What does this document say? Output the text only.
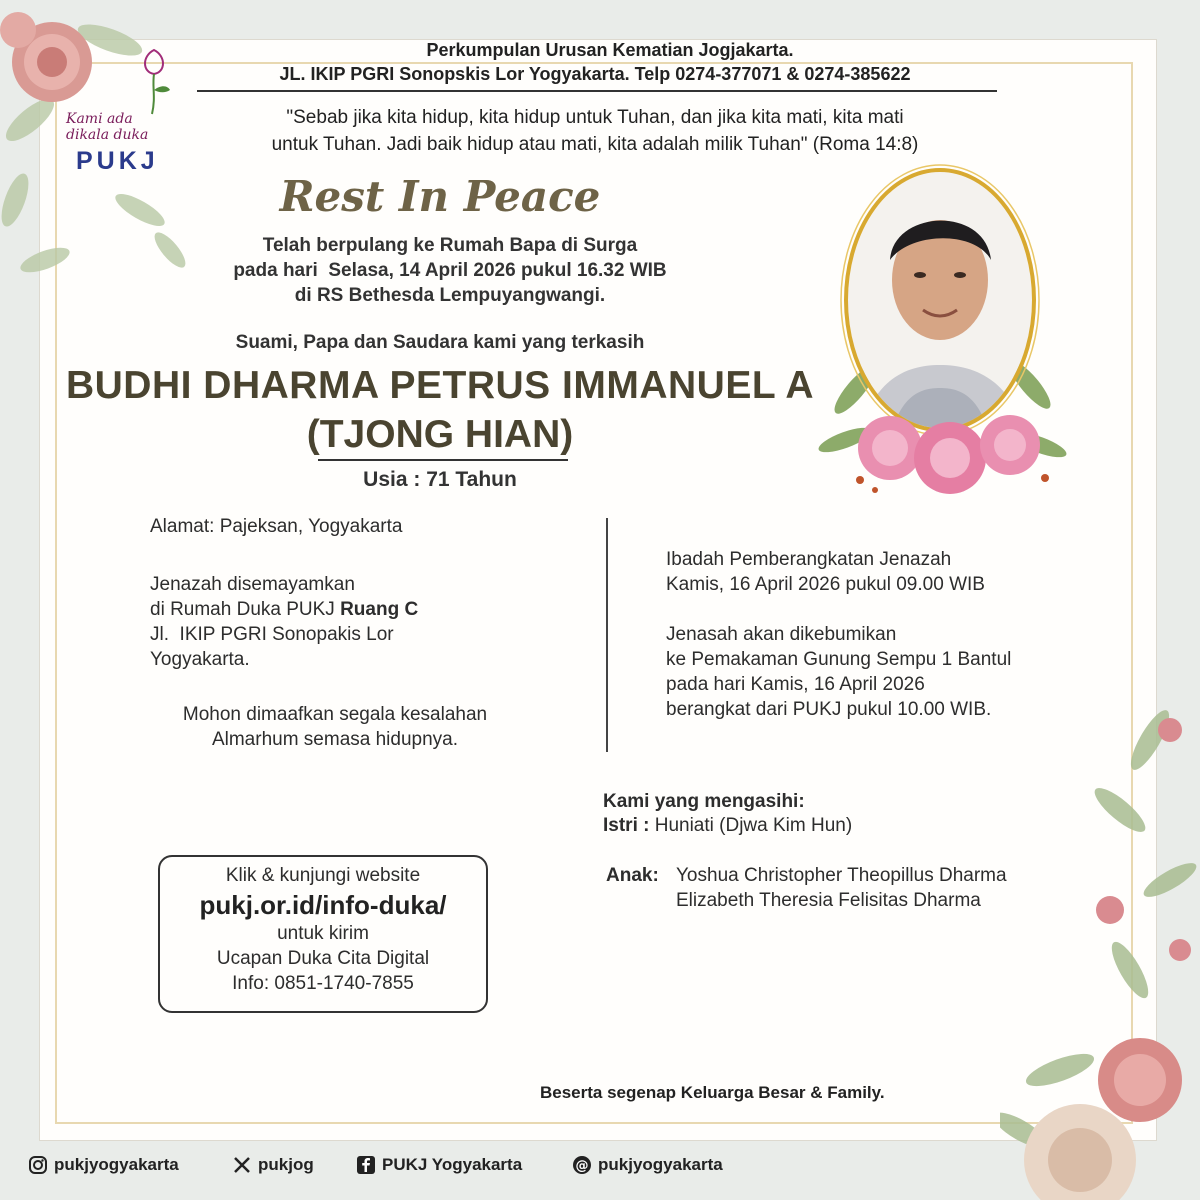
Kami ada
dikala duka
PUKJ
Perkumpulan Urusan Kematian Jogjakarta.
JL. IKIP PGRI Sonopskis Lor Yogyakarta. Telp 0274-377071 & 0274-385622
"Sebab jika kita hidup, kita hidup untuk Tuhan, dan jika kita mati, kita mati
untuk Tuhan. Jadi baik hidup atau mati, kita adalah milik Tuhan" (Roma 14:8)
Rest In Peace
Telah berpulang ke Rumah Bapa di Surga
pada hari  Selasa, 14 April 2026 pukul 16.32 WIB
di RS Bethesda Lempuyangwangi.
Suami, Papa dan Saudara kami yang terkasih
BUDHI DHARMA PETRUS IMMANUEL A
(TJONG HIAN)
Usia : 71 Tahun
Alamat: Pajeksan, Yogyakarta
Jenazah disemayamkan
di Rumah Duka PUKJ Ruang C
Jl.  IKIP PGRI Sonopakis Lor
Yogyakarta.
Mohon dimaafkan segala kesalahan
Almarhum semasa hidupnya.
Ibadah Pemberangkatan Jenazah
Kamis, 16 April 2026 pukul 09.00 WIB
Jenasah akan dikebumikan
ke Pemakaman Gunung Sempu 1 Bantul
pada hari Kamis, 16 April 2026
berangkat dari PUKJ pukul 10.00 WIB.
Kami yang mengasihi:
Istri : Huniati (Djwa Kim Hun)
Anak: Yoshua Christopher Theopillus Dharma
Elizabeth Theresia Felisitas Dharma
Beserta segenap Keluarga Besar & Family.
Klik & kunjungi website
pukj.or.id/info-duka/
untuk kirim
Ucapan Duka Cita Digital
Info: 0851-1740-7855
pukjyogyakarta	pukjog	PUKJ Yogyakarta	@ pukjyogyakarta
